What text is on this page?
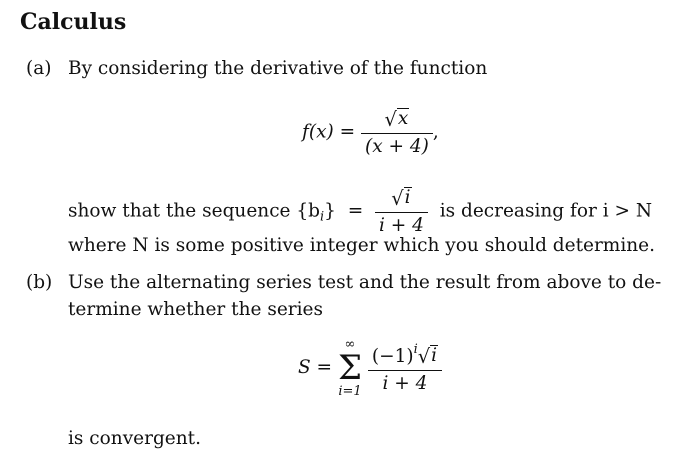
Calculus
(a) By considering the derivative of the function
$f(x) = \frac{√ x}{(x + 4)}$ ,
show that the sequence $\{b_i\} = \frac{√ i}{i + 4}$ is decreasing for i > N
where N is some positive integer which you should determine.
(b) Use the alternating series test and the result from above to de-
termine whether the series
S =
∞
Σ
i=1
$\frac{(-1)^i √ i}{i + 4}$
is convergent.
